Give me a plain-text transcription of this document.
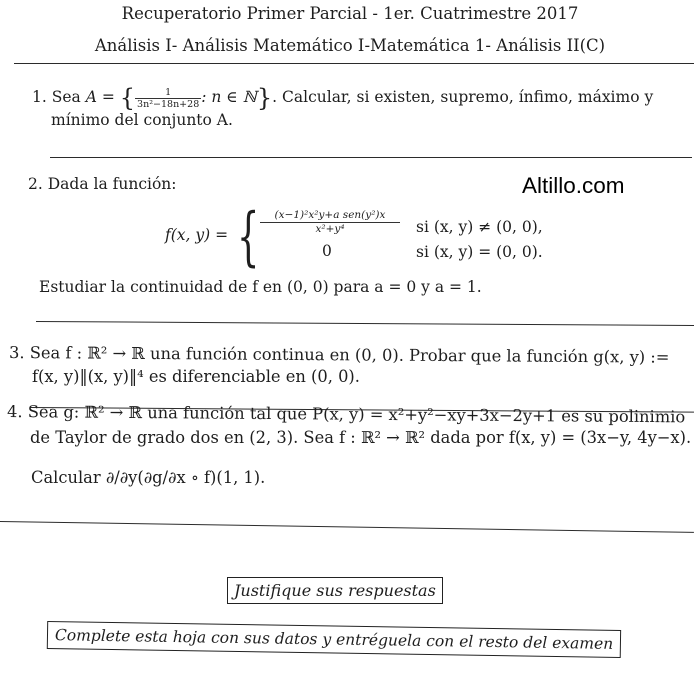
Recuperatorio Primer Parcial - 1er. Cuatrimestre 2017
Análisis I- Análisis Matemático I-Matemática 1- Análisis II(C)
1. Sea A = { $\frac{1}{\text{3n²−18n+28}}$ : n ∈ ℕ}. Calcular, si existen, supremo, ínfimo, máximo y
mínimo del conjunto A.
Altillo.com
2. Dada la función:
f(x, y) = {	(x−1)²x²y+a sen(y²)x
x²+y⁴	si (x, y) ≠ (0, 0),
0	si (x, y) = (0, 0).
Estudiar la continuidad de f en (0, 0) para a = 0 y a = 1.
3. Sea f : ℝ² → ℝ una función continua en (0, 0). Probar que la función g(x, y) :=
f(x, y)‖(x, y)‖⁴ es diferenciable en (0, 0).
4. Sea g: ℝ² → ℝ una función tal que P(x, y) = x²+y²−xy+3x−2y+1 es su polinimio
de Taylor de grado dos en (2, 3). Sea f : ℝ² → ℝ² dada por f(x, y) = (3x−y, 4y−x).
Calcular ∂/∂y(∂g/∂x ∘ f)(1, 1).
Justifique sus respuestas
Complete esta hoja con sus datos y entréguela con el resto del examen
